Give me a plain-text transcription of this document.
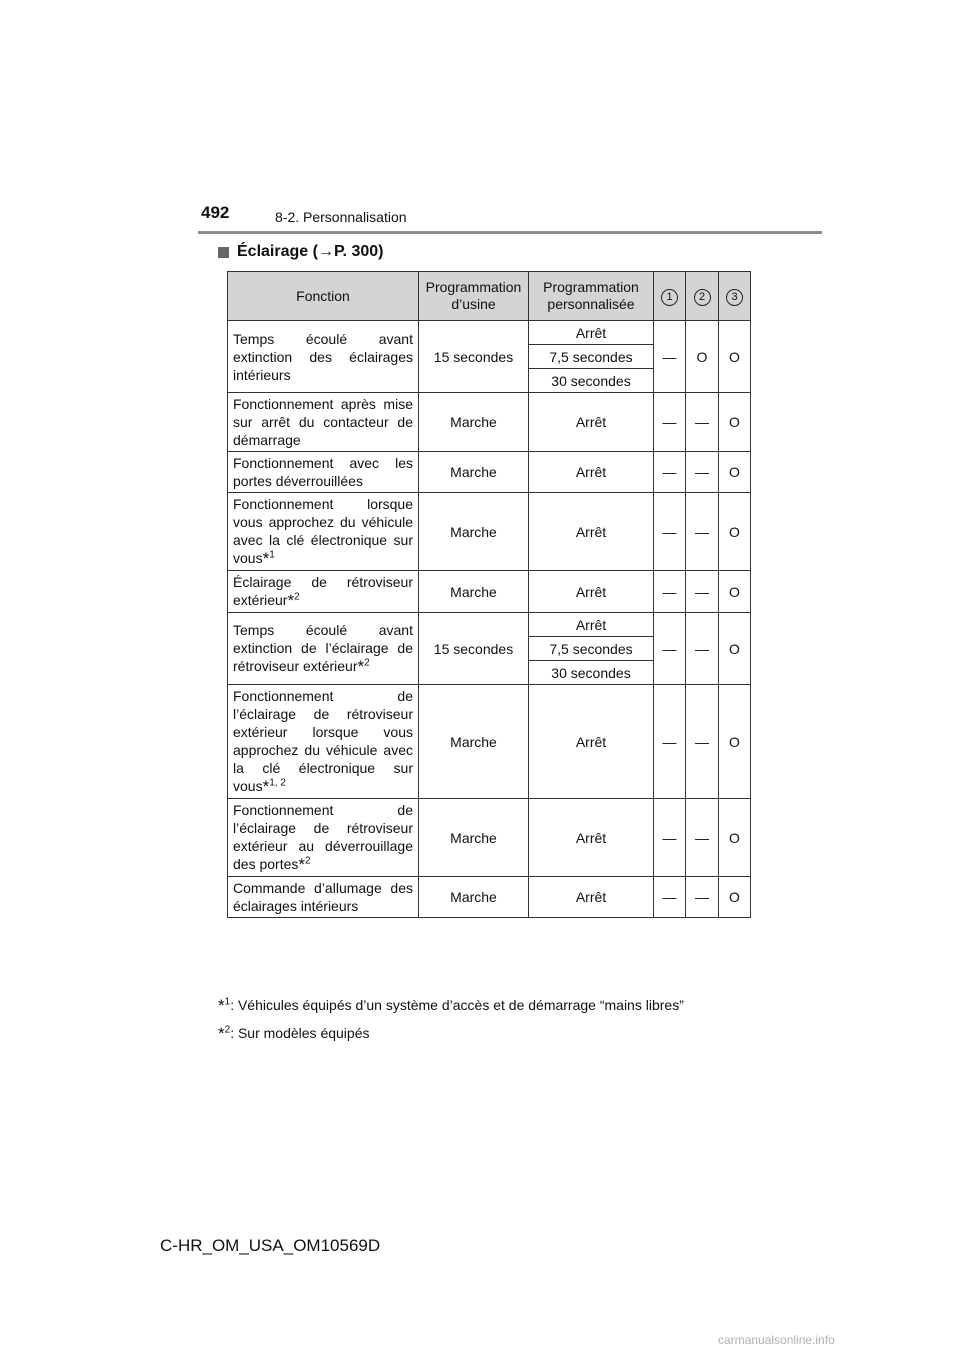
492	8-2. Personnalisation
Éclairage ( → P. 300)
Fonction	Programmation d’usine	Programmation personnalisée	1	2	3
Temps écoulé avant extinction des éclairages intérieurs	15 secondes	Arrêt	—	O	O
		7,5 secondes			
		30 secondes			
Fonctionnement après mise sur arrêt du contacteur de démarrage	Marche	Arrêt	—	—	O
Fonctionnement avec les portes déverrouillées	Marche	Arrêt	—	—	O
Fonctionnement lorsque vous approchez du véhicule avec la clé électronique sur vous*$^1$	Marche	Arrêt	—	—	O
Éclairage de rétroviseur extérieur*$^2$	Marche	Arrêt	—	—	O
Temps écoulé avant extinction de l’éclairage de rétroviseur extérieur*$^2$	15 secondes	Arrêt	—	—	O
		7,5 secondes			
		30 secondes			
Fonctionnement de l’éclairage de rétroviseur extérieur lorsque vous approchez du véhicule avec la clé électronique sur vous*$^{1, 2}$	Marche	Arrêt	—	—	O
Fonctionnement de l’éclairage de rétroviseur extérieur au déverrouillage des portes*$^2$	Marche	Arrêt	—	—	O
Commande d’allumage des éclairages intérieurs	Marche	Arrêt	—	—	O
*$^1$: Véhicules équipés d’un système d’accès et de démarrage “mains libres”
*$^2$: Sur modèles équipés
C-HR_OM_USA_OM10569D
carmanualsonline.info
